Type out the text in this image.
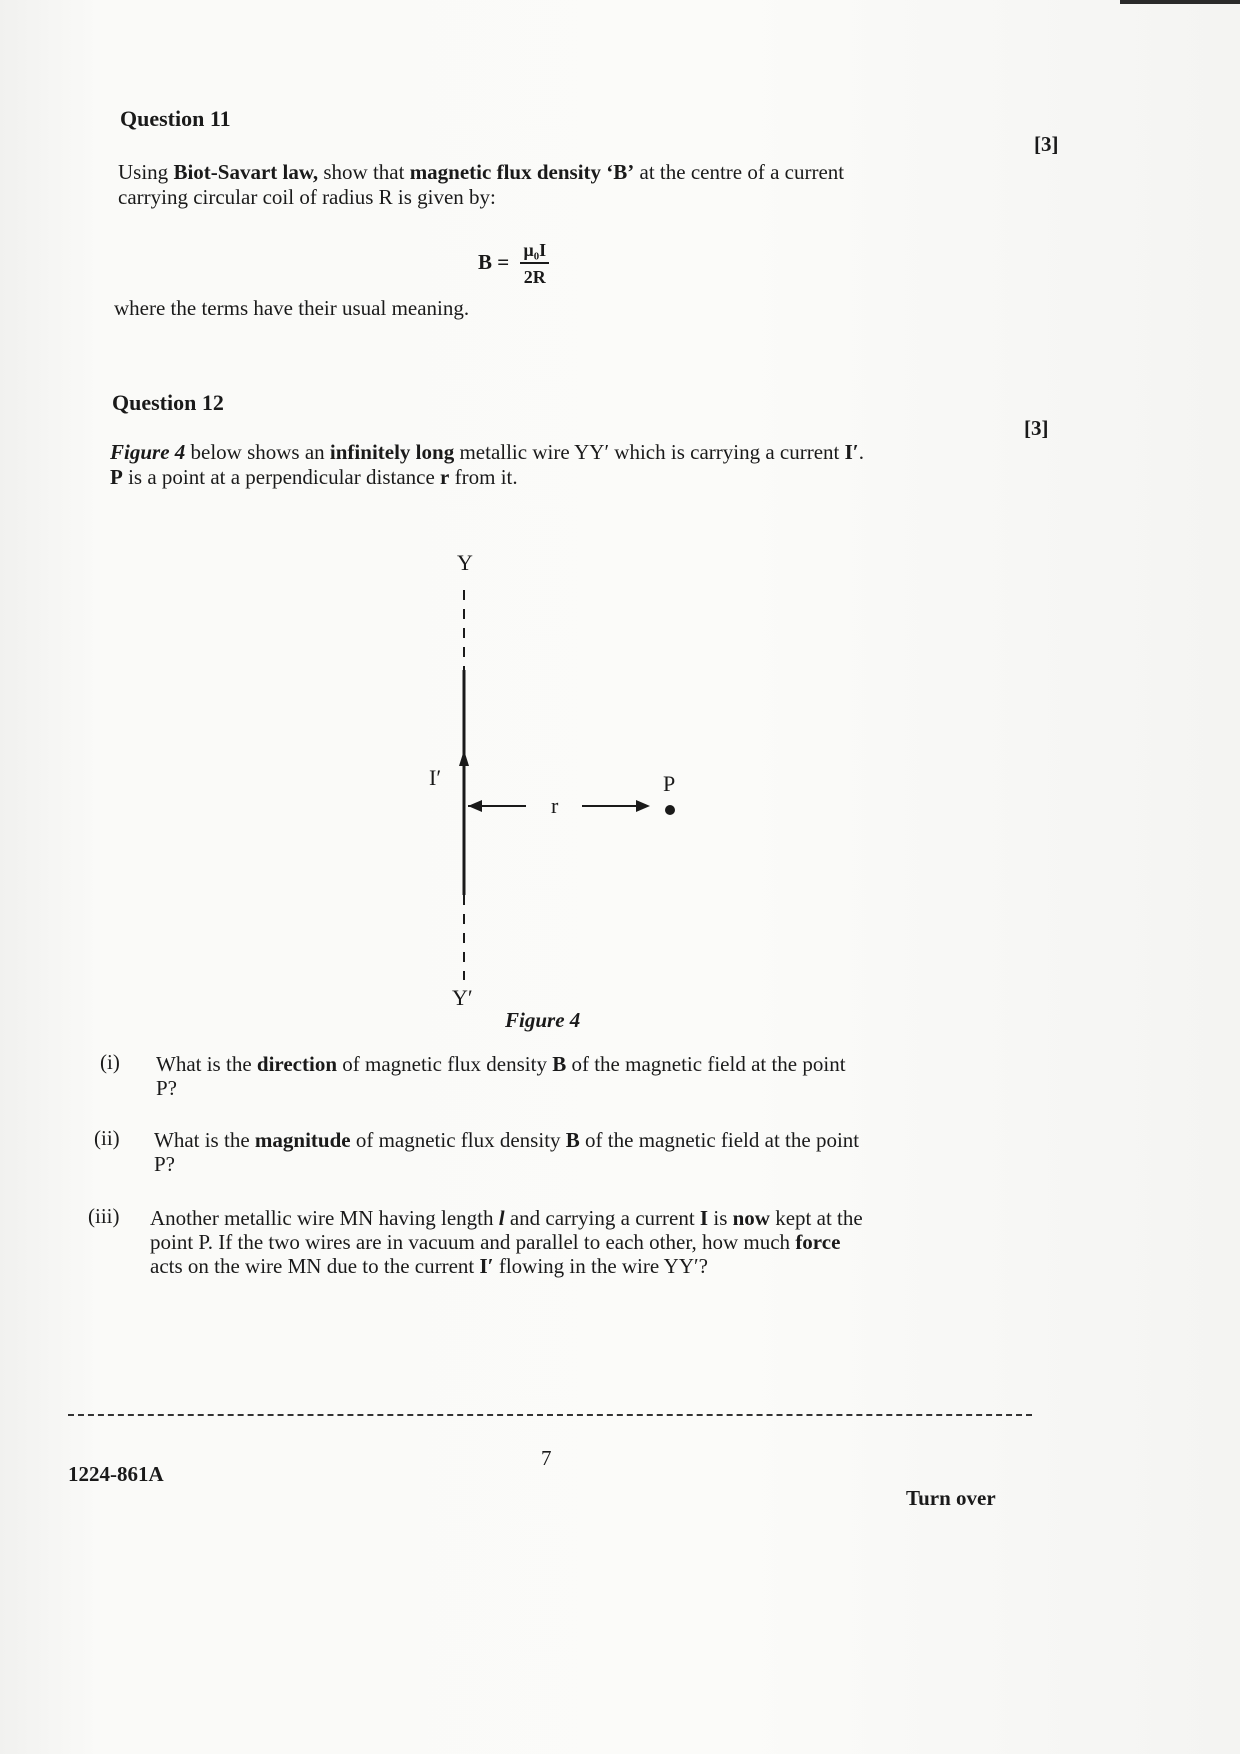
Question 11
[3]
Using Biot-Savart law, show that magnetic flux density ‘B’ at the centre of a current
carrying circular coil of radius R is given by:
$B = \frac{\text{μ₀I}}{2R}$
where the terms have their usual meaning.
Question 12
[3]
Figure 4 below shows an infinitely long metallic wire YY′ which is carrying a current I′.
P is a point at a perpendicular distance r from it.
Y
Y′
I′	P
r
Figure 4
(i) What is the direction of magnetic flux density B of the magnetic field at the point
P?
(ii) What is the magnitude of magnetic flux density B of the magnetic field at the point
P?
(iii) Another metallic wire MN having length l and carrying a current I is now kept at the
point P. If the two wires are in vacuum and parallel to each other, how much force
acts on the wire MN due to the current I′ flowing in the wire YY′?
7
1224-861A
Turn over
